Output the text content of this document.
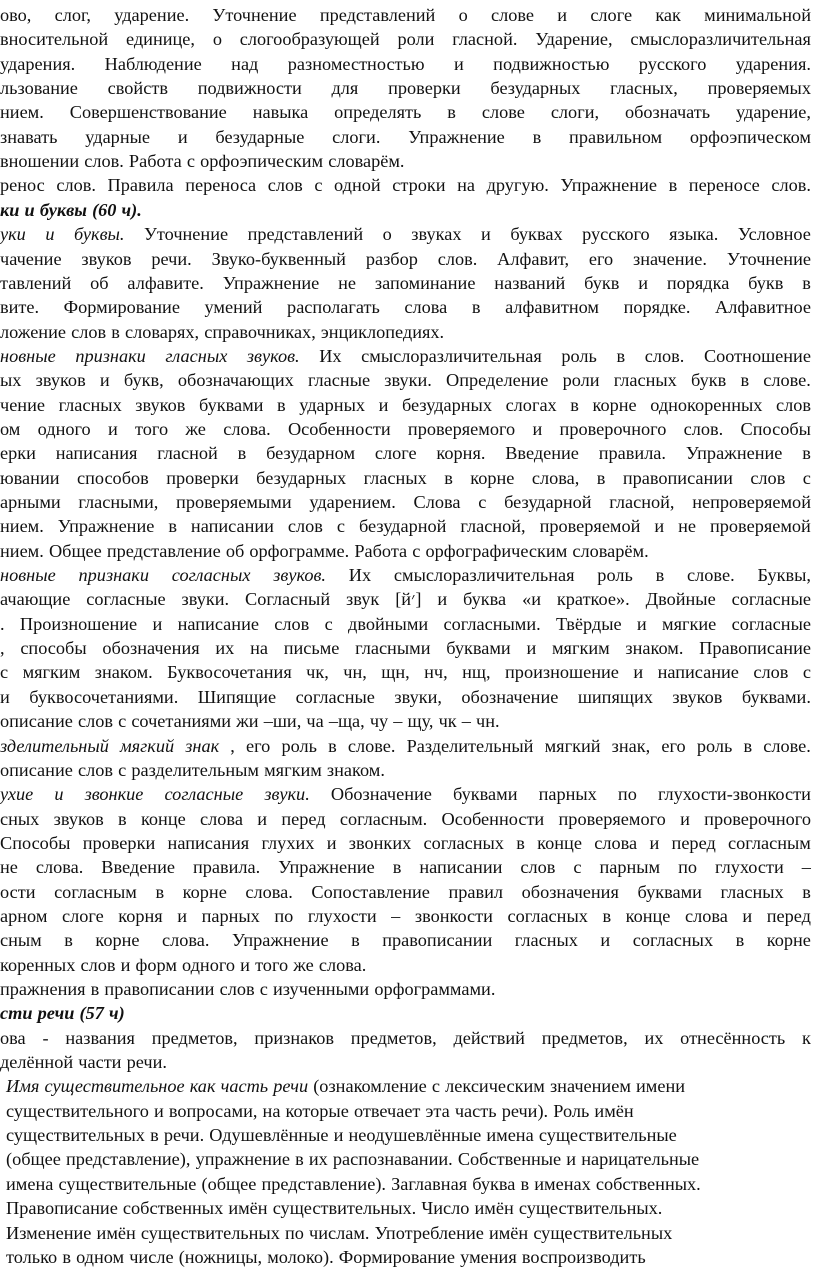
ово, слог, ударение. Уточнение представлений о слове и слоге как минимальной
вносительной единице, о слогообразующей роли гласной. Ударение, смыслоразличительная
ударения. Наблюдение над разноместностью и подвижностью русского ударения.
льзование свойств подвижности для проверки безударных гласных, проверяемых
нием. Совершенствование навыка определять в слове слоги, обозначать ударение,
знавать ударные и безударные слоги. Упражнение в правильном орфоэпическом
вношении слов. Работа с орфоэпическим словарём.
ренос слов. Правила переноса слов с одной строки на другую. Упражнение в переносе слов.
ки и буквы (60 ч).
уки и буквы. Уточнение представлений о звуках и буквах русского языка. Условное
чачение звуков речи. Звуко-буквенный разбор слов. Алфавит, его значение. Уточнение
тавлений об алфавите. Упражнение не запоминание названий букв и порядка букв в
вите. Формирование умений располагать слова в алфавитном порядке. Алфавитное
ложение слов в словарях, справочниках, энциклопедиях.
новные признаки гласных звуков. Их смыслоразличительная роль в слов. Соотношение
ых звуков и букв, обозначающих гласные звуки. Определение роли гласных букв в слове.
чение гласных звуков буквами в ударных и безударных слогах в корне однокоренных слов
ом одного и того же слова. Особенности проверяемого и проверочного слов. Способы
ерки написания гласной в безударном слоге корня. Введение правила. Упражнение в
ювании способов проверки безударных гласных в корне слова, в правописании слов с
арными гласными, проверяемыми ударением. Слова с безударной гласной, непроверяемой
нием. Упражнение в написании слов с безударной гласной, проверяемой и не проверяемой
нием. Общее представление об орфограмме. Работа с орфографическим словарём.
новные признаки согласных звуков. Их смыслоразличительная роль в слове. Буквы,
ачающие согласные звуки. Согласный звук [й׳] и буква «и краткое». Двойные согласные
. Произношение и написание слов с двойными согласными. Твёрдые и мягкие согласные
, способы обозначения их на письме гласными буквами и мягким знаком. Правописание
с мягким знаком. Буквосочетания чк, чн, щн, нч, нщ, произношение и написание слов с
и буквосочетаниями. Шипящие согласные звуки, обозначение шипящих звуков буквами.
описание слов с сочетаниями жи –ши, ча –ща, чу – щу, чк – чн.
зделительный мягкий знак , его роль в слове. Разделительный мягкий знак, его роль в слове.
описание слов с разделительным мягким знаком.
ухие и звонкие согласные звуки. Обозначение буквами парных по глухости-звонкости
сных звуков в конце слова и перед согласным. Особенности проверяемого и проверочного
Способы проверки написания глухих и звонких согласных в конце слова и перед согласным
не слова. Введение правила. Упражнение в написании слов с парным по глухости –
ости согласным в корне слова. Сопоставление правил обозначения буквами гласных в
арном слоге корня и парных по глухости – звонкости согласных в конце слова и перед
сным в корне слова. Упражнение в правописании гласных и согласных в корне
коренных слов и форм одного и того же слова.
пражнения в правописании слов с изученными орфограммами.
сти речи (57 ч)
ова - названия предметов, признаков предметов, действий предметов, их отнесённость к
делённой части речи.
Имя существительное как часть речи (ознакомление с лексическим значением имени
существительного и вопросами, на которые отвечает эта часть речи). Роль имён
существительных в речи. Одушевлённые и неодушевлённые имена существительные
(общее представление), упражнение в их распознавании. Собственные и нарицательные
имена существительные (общее представление). Заглавная буква в именах собственных.
Правописание собственных имён существительных. Число имён существительных.
Изменение имён существительных по числам. Употребление имён существительных
только в одном числе (ножницы, молоко). Формирование умения воспроизводить
